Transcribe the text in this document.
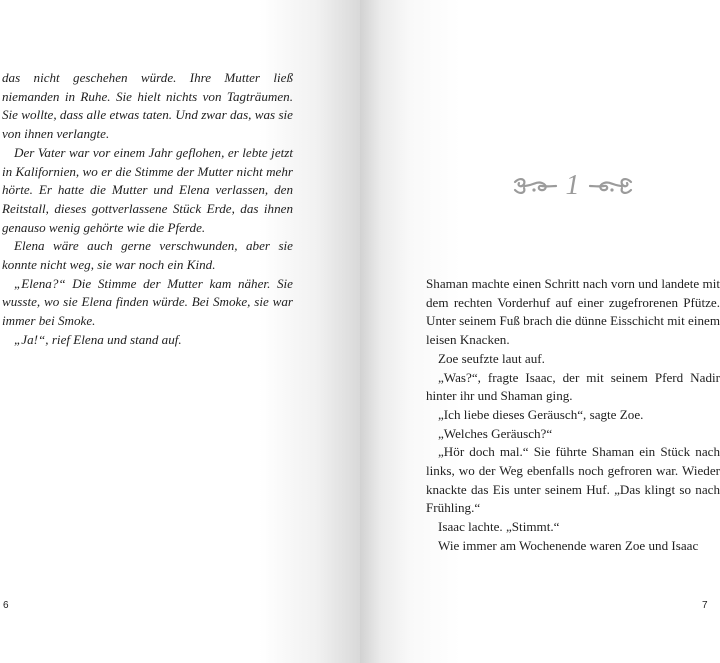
das nicht geschehen würde. Ihre Mutter ließ niemanden in Ruhe. Sie hielt nichts von Tagträumen. Sie wollte, dass alle etwas taten. Und zwar das, was sie von ihnen verlangte.

Der Vater war vor einem Jahr geflohen, er lebte jetzt in Kalifornien, wo er die Stimme der Mutter nicht mehr hörte. Er hatte die Mutter und Elena verlassen, den Reitstall, dieses gottverlassene Stück Erde, das ihnen genauso wenig gehörte wie die Pferde.

Elena wäre auch gerne verschwunden, aber sie konnte nicht weg, sie war noch ein Kind.

„Elena?“ Die Stimme der Mutter kam näher. Sie wusste, wo sie Elena finden würde. Bei Smoke, sie war immer bei Smoke.

„Ja!“, rief Elena und stand auf.

6
1

Shaman machte einen Schritt nach vorn und landete mit dem rechten Vorderhuf auf einer zugefrorenen Pfütze. Unter seinem Fuß brach die dünne Eisschicht mit einem leisen Knacken.

Zoe seufzte laut auf.

„Was?“, fragte Isaac, der mit seinem Pferd Nadir hinter ihr und Shaman ging.

„Ich liebe dieses Geräusch“, sagte Zoe.

„Welches Geräusch?“

„Hör doch mal.“ Sie führte Shaman ein Stück nach links, wo der Weg ebenfalls noch gefroren war. Wieder knackte das Eis unter seinem Huf. „Das klingt so nach Frühling.“

Isaac lachte. „Stimmt.“

Wie immer am Wochenende waren Zoe und Isaac

7
